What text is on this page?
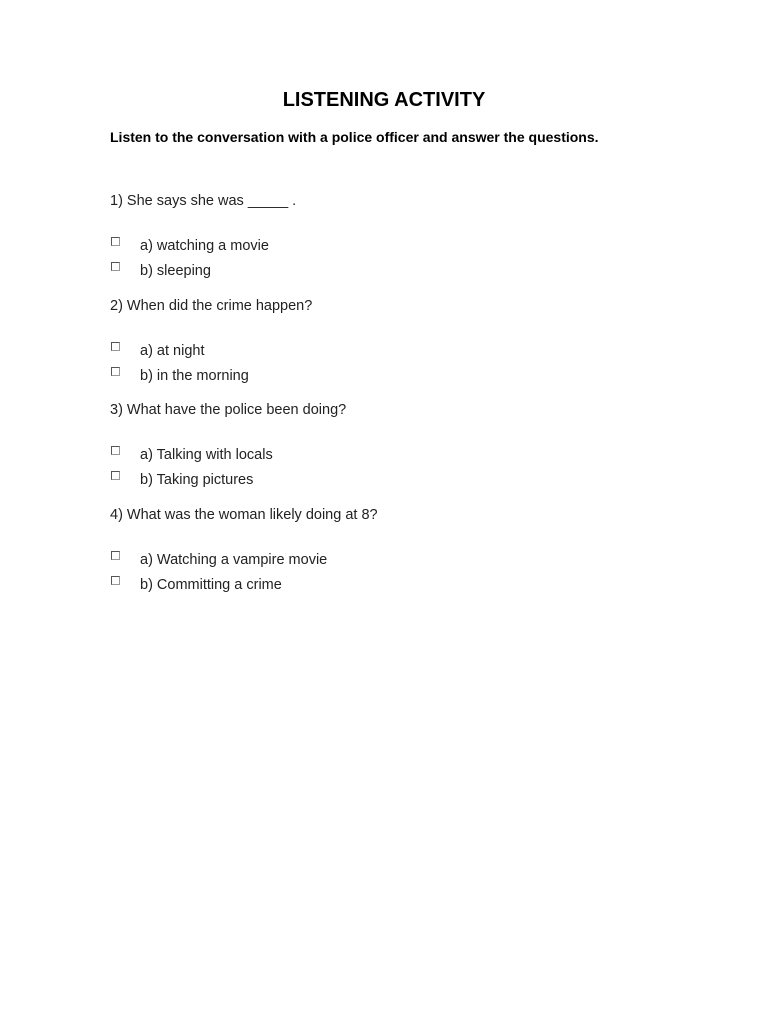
LISTENING ACTIVITY
Listen to the conversation with a police officer and answer the questions.
1) She says she was _____ .
a) watching a movie
b) sleeping
2) When did the crime happen?
a) at night
b) in the morning
3) What have the police been doing?
a) Talking with locals
b) Taking pictures
4) What was the woman likely doing at 8?
a) Watching a vampire movie
b) Committing a crime
